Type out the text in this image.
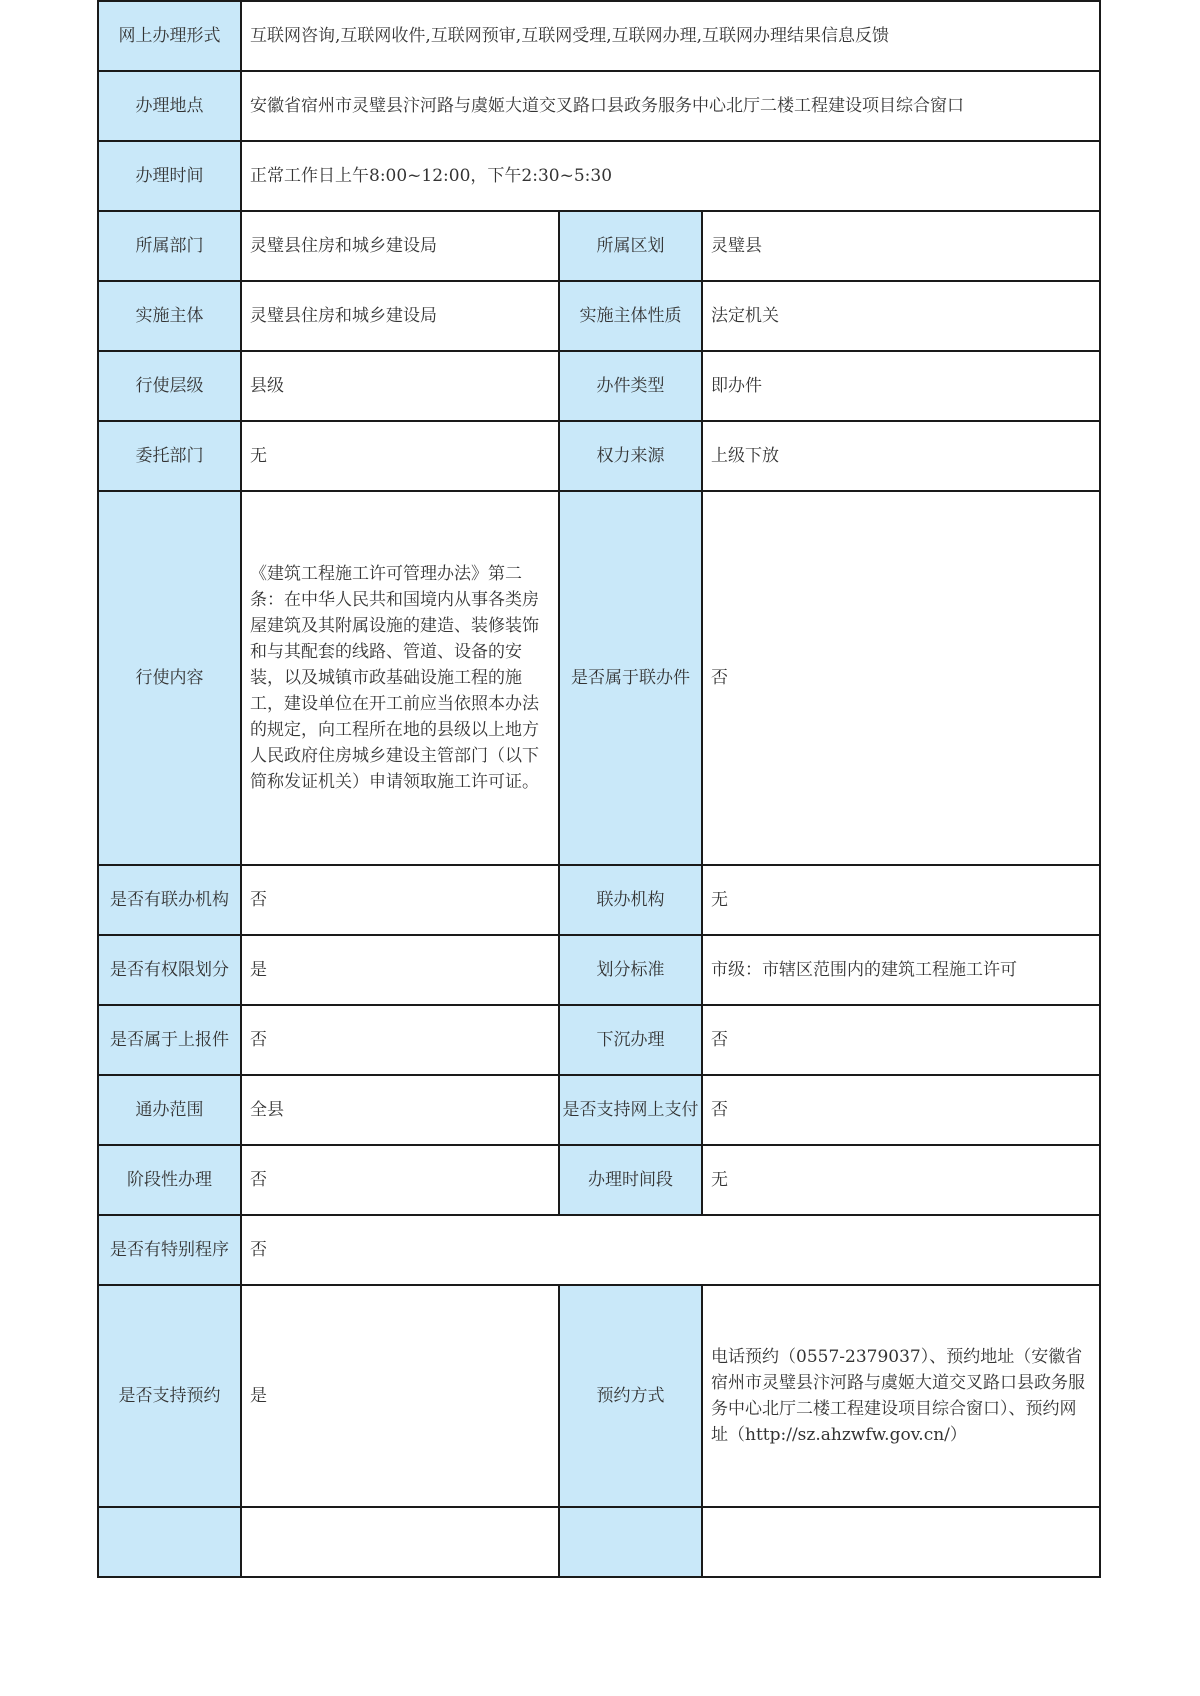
网上办理形式	互联网咨询,互联网收件,互联网预审,互联网受理,互联网办理,互联网办理结果信息反馈		
办理地点	安徽省宿州市灵璧县汴河路与虞姬大道交叉路口县政务服务中心北厅二楼工程建设项目综合窗口		
办理时间	正常工作日上午8:00~12:00，下午2:30~5:30		
所属部门	灵璧县住房和城乡建设局	所属区划	灵璧县
实施主体	灵璧县住房和城乡建设局	实施主体性质	法定机关
行使层级	县级	办件类型	即办件
委托部门	无	权力来源	上级下放
行使内容	《建筑工程施工许可管理办法》第二条：在中华人民共和国境内从事各类房屋建筑及其附属设施的建造、装修装饰和与其配套的线路、管道、设备的安装，以及城镇市政基础设施工程的施工，建设单位在开工前应当依照本办法的规定，向工程所在地的县级以上地方人民政府住房城乡建设主管部门（以下简称发证机关）申请领取施工许可证。	是否属于联办件	否
是否有联办机构	否	联办机构	无
是否有权限划分	是	划分标准	市级：市辖区范围内的建筑工程施工许可
是否属于上报件	否	下沉办理	否
通办范围	全县	是否支持网上支付	否
阶段性办理	否	办理时间段	无
是否有特别程序	否		
是否支持预约	是	预约方式	电话预约（0557-2379037）、预约地址（安徽省宿州市灵璧县汴河路与虞姬大道交叉路口县政务服务中心北厅二楼工程建设项目综合窗口）、预约网址（http://sz.ahzwfw.gov.cn/）
